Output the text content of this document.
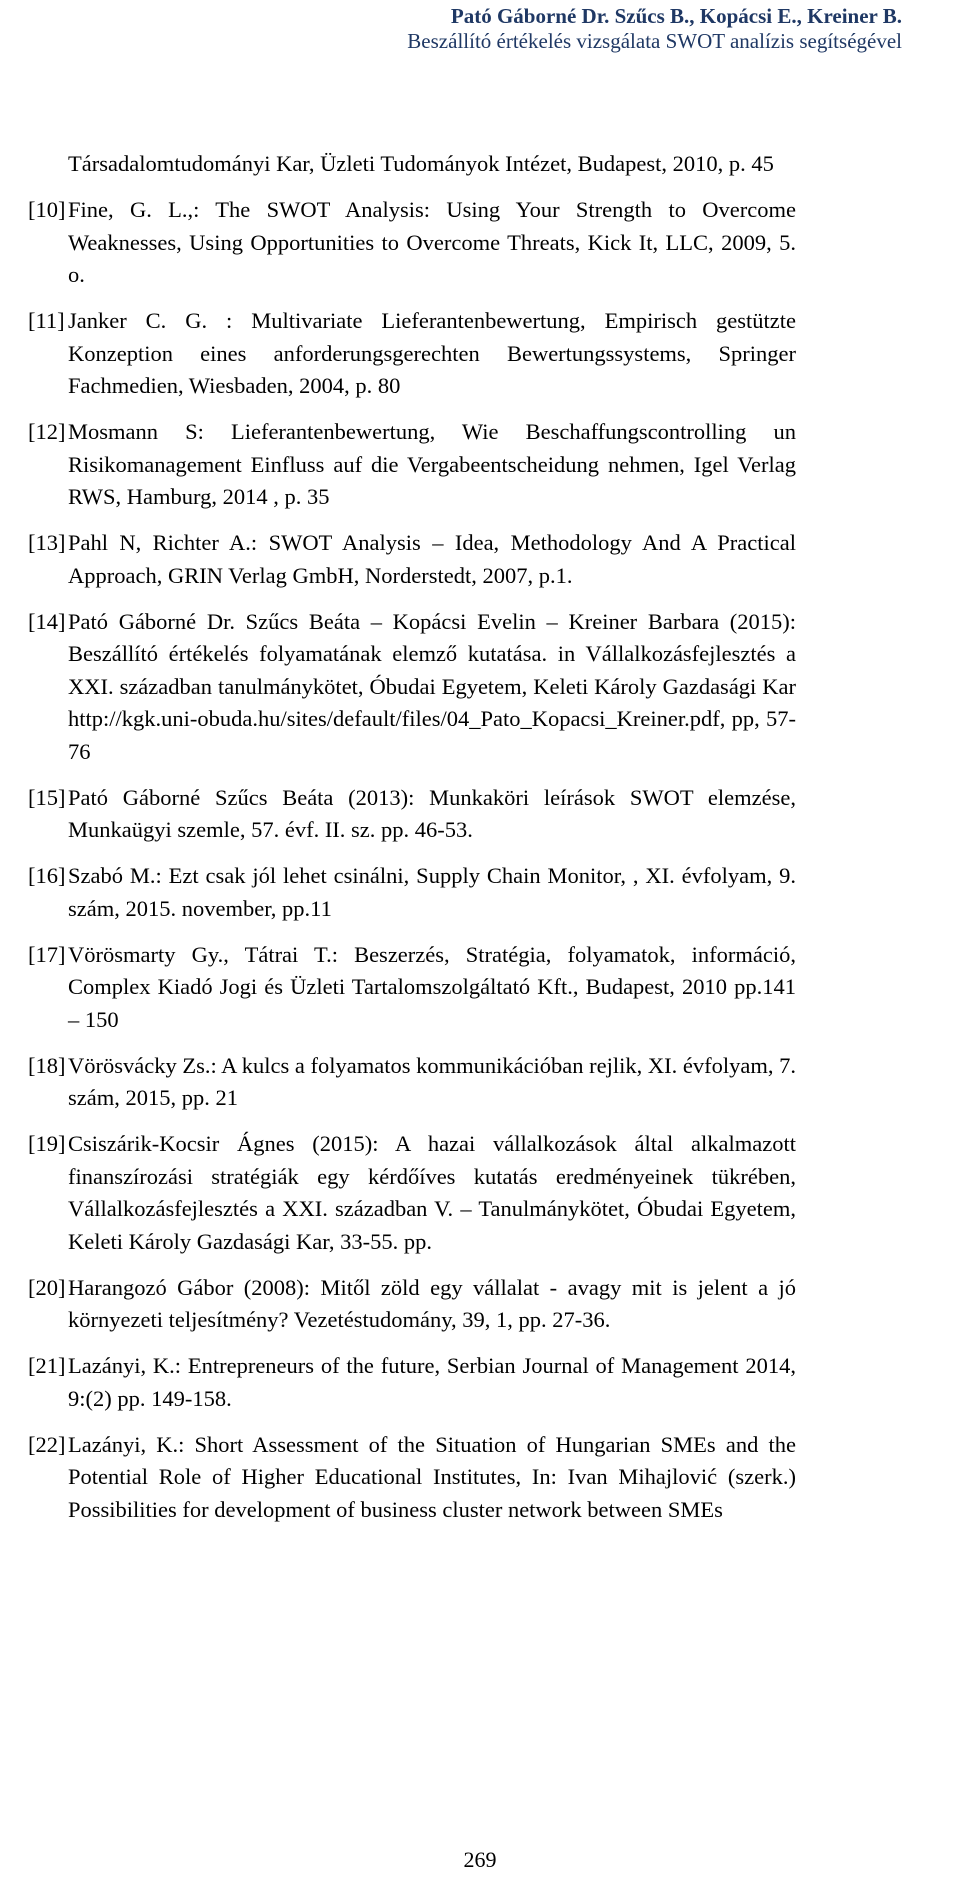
Pató Gáborné Dr. Szűcs B., Kopácsi E., Kreiner B.
Beszállító értékelés vizsgálata SWOT analízis segítségével
Társadalomtudományi Kar, Üzleti Tudományok Intézet, Budapest, 2010, p. 45
[10] Fine, G. L.,: The SWOT Analysis: Using Your Strength to Overcome Weaknesses, Using Opportunities to Overcome Threats, Kick It, LLC, 2009, 5. o.
[11] Janker C. G. : Multivariate Lieferantenbewertung, Empirisch gestützte Konzeption eines anforderungsgerechten Bewertungssystems, Springer Fachmedien, Wiesbaden, 2004, p. 80
[12] Mosmann S: Lieferantenbewertung, Wie Beschaffungscontrolling un Risikomanagement Einfluss auf die Vergabeentscheidung nehmen, Igel Verlag RWS, Hamburg, 2014 , p. 35
[13] Pahl N, Richter A.: SWOT Analysis – Idea, Methodology And A Practical Approach, GRIN Verlag GmbH, Norderstedt, 2007, p.1.
[14] Pató Gáborné Dr. Szűcs Beáta – Kopácsi Evelin – Kreiner Barbara (2015): Beszállító értékelés folyamatának elemző kutatása. in Vállalkozásfejlesztés a XXI. században tanulmánykötet, Óbudai Egyetem, Keleti Károly Gazdasági Kar http://kgk.uni-obuda.hu/sites/default/files/04_Pato_Kopacsi_Kreiner.pdf, pp, 57-76
[15] Pató Gáborné Szűcs Beáta (2013): Munkaköri leírások SWOT elemzése, Munkaügyi szemle, 57. évf. II. sz. pp. 46-53.
[16] Szabó M.: Ezt csak jól lehet csinálni, Supply Chain Monitor, , XI. évfolyam, 9. szám, 2015. november, pp.11
[17] Vörösmarty Gy., Tátrai T.: Beszerzés, Stratégia, folyamatok, információ, Complex Kiadó Jogi és Üzleti Tartalomszolgáltató Kft., Budapest, 2010 pp.141 – 150
[18] Vörösvácky Zs.: A kulcs a folyamatos kommunikációban rejlik, XI. évfolyam, 7. szám, 2015, pp. 21
[19] Csiszárik-Kocsir Ágnes (2015): A hazai vállalkozások által alkalmazott finanszírozási stratégiák egy kérdőíves kutatás eredményeinek tükrében, Vállalkozásfejlesztés a XXI. században V. – Tanulmánykötet, Óbudai Egyetem, Keleti Károly Gazdasági Kar, 33-55. pp.
[20] Harangozó Gábor (2008): Mitől zöld egy vállalat - avagy mit is jelent a jó környezeti teljesítmény? Vezetéstudomány, 39, 1, pp. 27-36.
[21] Lazányi, K.: Entrepreneurs of the future, Serbian Journal of Management 2014, 9:(2) pp. 149-158.
[22] Lazányi, K.: Short Assessment of the Situation of Hungarian SMEs and the Potential Role of Higher Educational Institutes, In: Ivan Mihajlović (szerk.) Possibilities for development of business cluster network between SMEs
269
